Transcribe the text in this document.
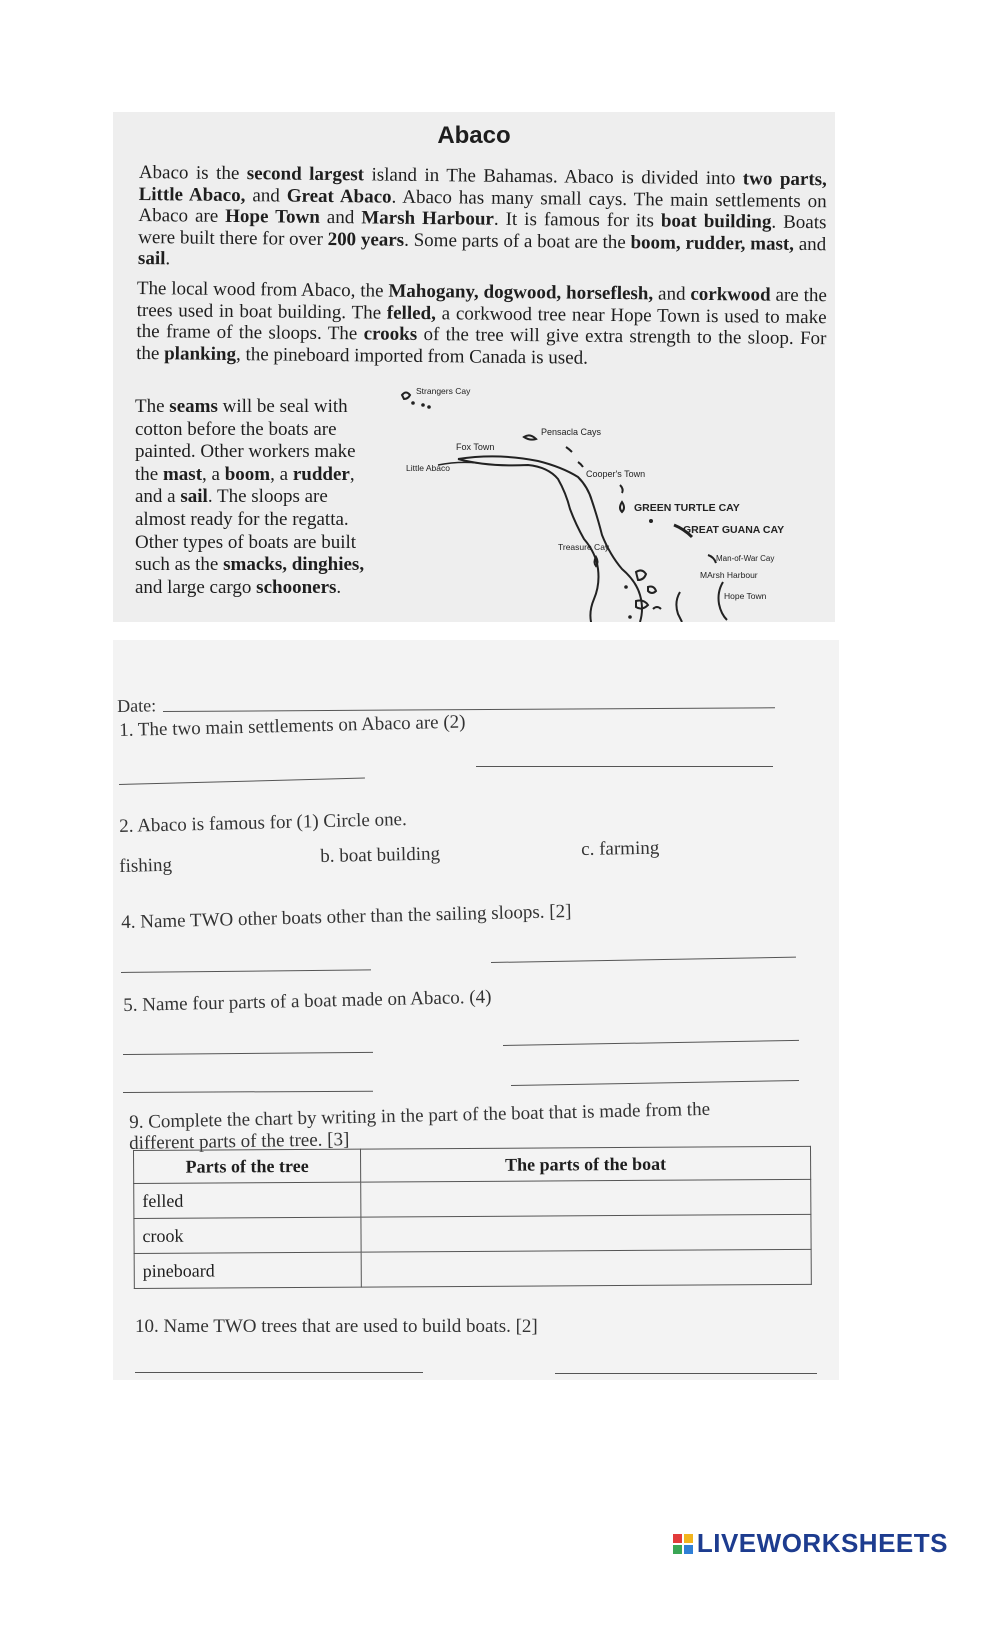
Abaco
Abaco is the second largest island in The Bahamas. Abaco is divided into two parts, Little Abaco, and Great Abaco. Abaco has many small cays. The main settlements on Abaco are Hope Town and Marsh Harbour. It is famous for its boat building. Boats were built there for over 200 years. Some parts of a boat are the boom, rudder, mast, and sail.
The local wood from Abaco, the Mahogany, dogwood, horseflesh, and corkwood are the trees used in boat building. The felled, a corkwood tree near Hope Town is used to make the frame of the sloops. The crooks of the tree will give extra strength to the sloop. For the planking, the pineboard imported from Canada is used.
The seams will be seal with cotton before the boats are painted. Other workers make the mast, a boom, a rudder, and a sail. The sloops are almost ready for the regatta. Other types of boats are built such as the smacks, dinghies, and large cargo schooners.
Strangers Cay
Pensacla Cays
Fox Town
Little Abaco
Cooper's Town
GREEN TURTLE CAY
GREAT GUANA CAY
Treasure Cay
Man-of-War Cay
MArsh Harbour
Hope Town
Date:
1. The two main settlements on Abaco are (2)
2. Abaco is famous for (1) Circle one.
fishing	b. boat building	c. farming
4. Name TWO other boats other than the sailing sloops. [2]
5. Name four parts of a boat made on Abaco. (4)
9. Complete the chart by writing in the part of the boat that is made from the
different parts of the tree. [3]
Parts of the tree	The parts of the boat
felled	
crook	
pineboard	
10. Name TWO trees that are used to build boats. [2]
LIVEWORKSHEETS
